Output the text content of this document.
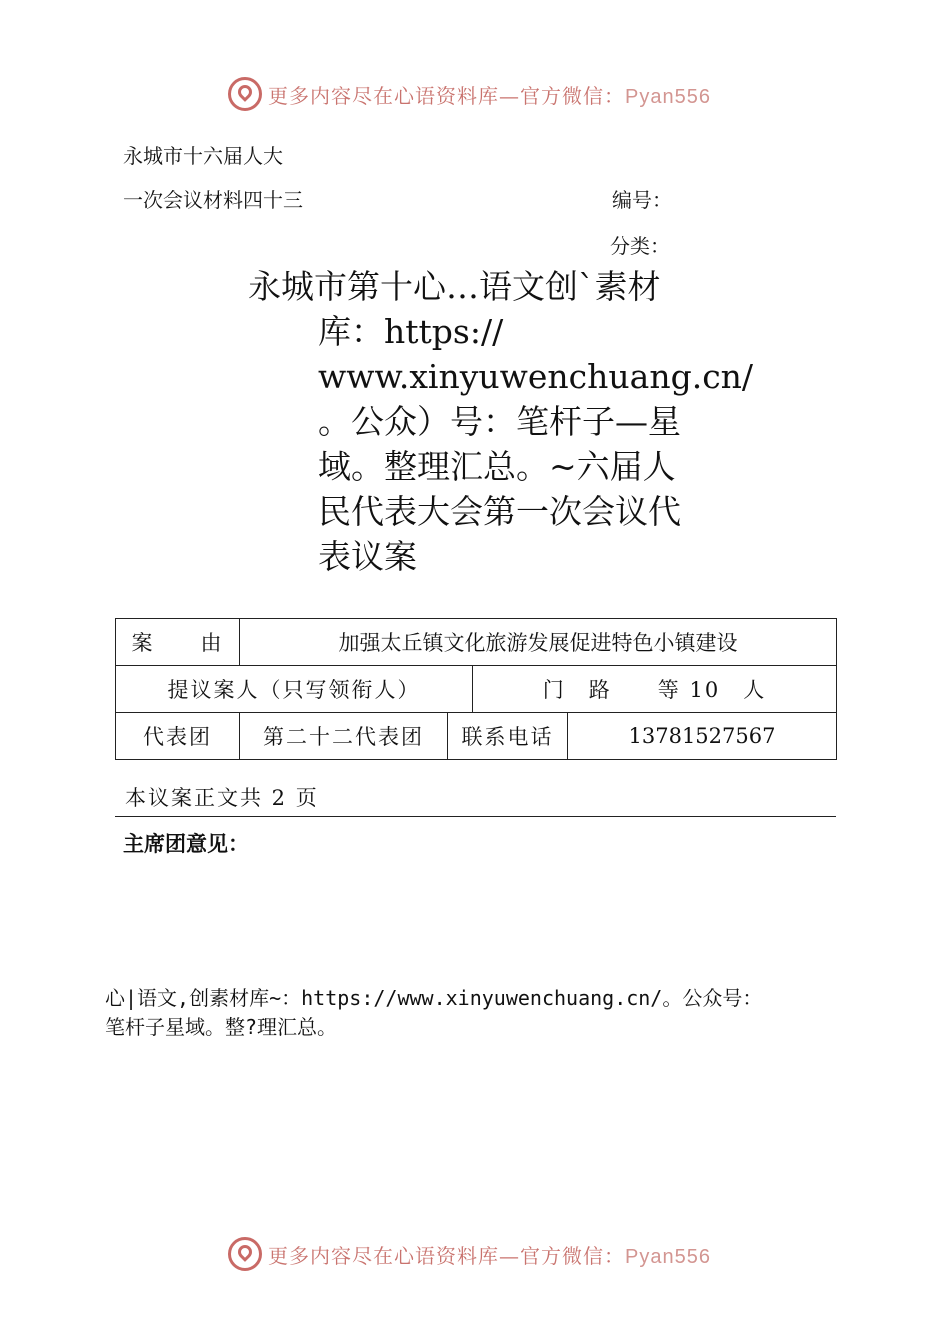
更多内容尽在心语资料库—官方微信：Pyan556
永城市十六届人大
一次会议材料四十三	编号：
分类：
永城市第十心…语文创`素材
库：https://
www.xinyuwenchuang.cn/
。公众）号：笔杆子—星
域。整理汇总。~六届人
民代表大会第一次会议代
表议案
案　　由	加强太丘镇文化旅游发展促进特色小镇建设			
提议案人（只写领衔人）			门　路　　等 10　人	
代表团	第二十二代表团	联系电话		13781527567
本议案正文共 2 页
主席团意见：
心|语文,创素材库~：https://www.xinyuwenchuang.cn/。公众号：
笔杆子星域。整?理汇总。
更多内容尽在心语资料库—官方微信：Pyan556
